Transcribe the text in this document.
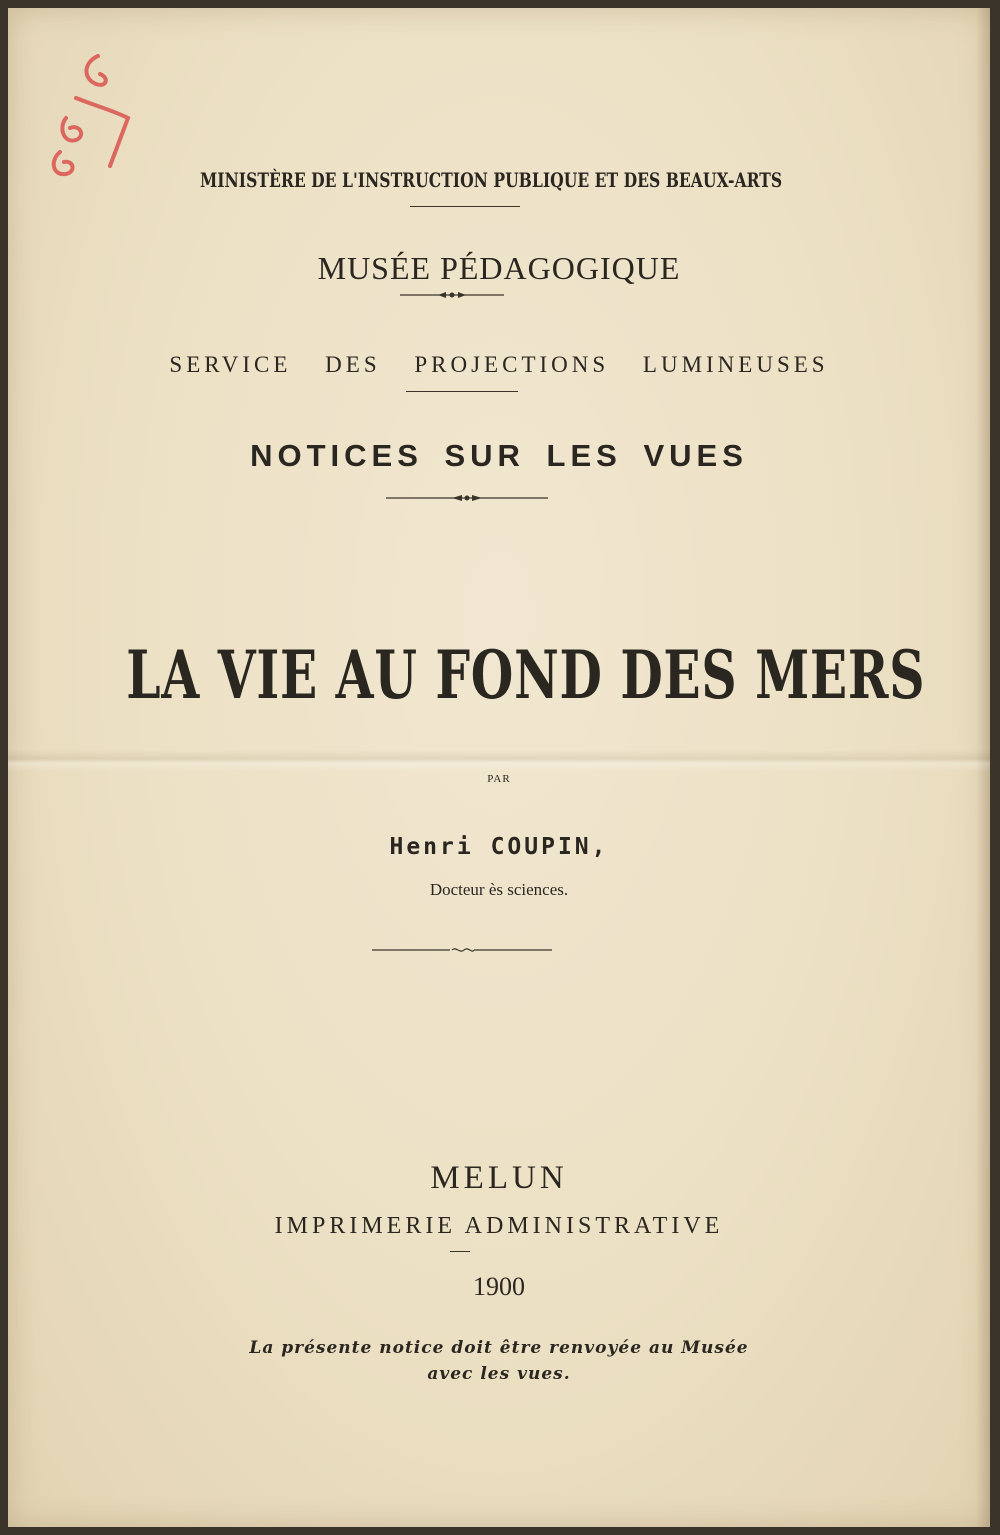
MINISTÈRE DE L'INSTRUCTION PUBLIQUE ET DES BEAUX-ARTS

MUSÉE PÉDAGOGIQUE

SERVICE DES PROJECTIONS LUMINEUSES

NOTICES SUR LES VUES

LA VIE AU FOND DES MERS

PAR

Henri COUPIN,

Docteur ès sciences.

MELUN

IMPRIMERIE ADMINISTRATIVE

1900

La présente notice doit être renvoyée au Musée

avec les vues.
